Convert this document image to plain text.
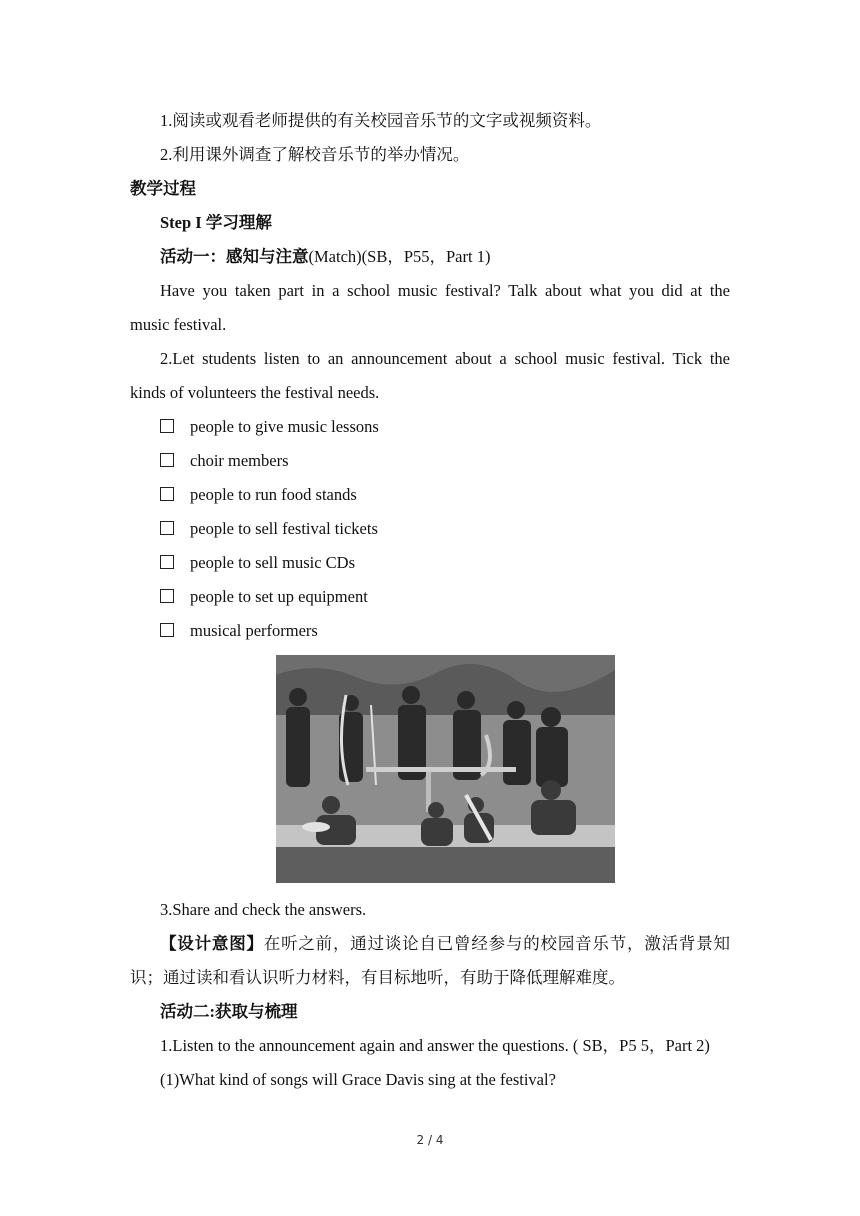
1.阅读或观看老师提供的有关校园音乐节的文字或视频资料。
2.利用课外调查了解校音乐节的举办情况。
教学过程
Step I 学习理解
活动一：感知与注意(Match)(SB，P55，Part 1)
Have you taken part in a school music festival? Talk about what you did at the
music festival.
2.Let students listen to an announcement about a school music festival. Tick the
kinds of volunteers the festival needs.
people to give music lessons
choir members
people to run food stands
people to sell festival tickets
people to sell music CDs
people to set up equipment
musical performers
3.Share and check the answers.
【设计意图】在听之前，通过谈论自已曾经参与的校园音乐节，激活背景知
识；通过读和看认识听力材料，有目标地听，有助于降低理解难度。
活动二:获取与梳理
1.Listen to the announcement again and answer the questions. ( SB，P5 5，Part 2)
(1)What kind of songs will Grace Davis sing at the festival?
2 / 4
